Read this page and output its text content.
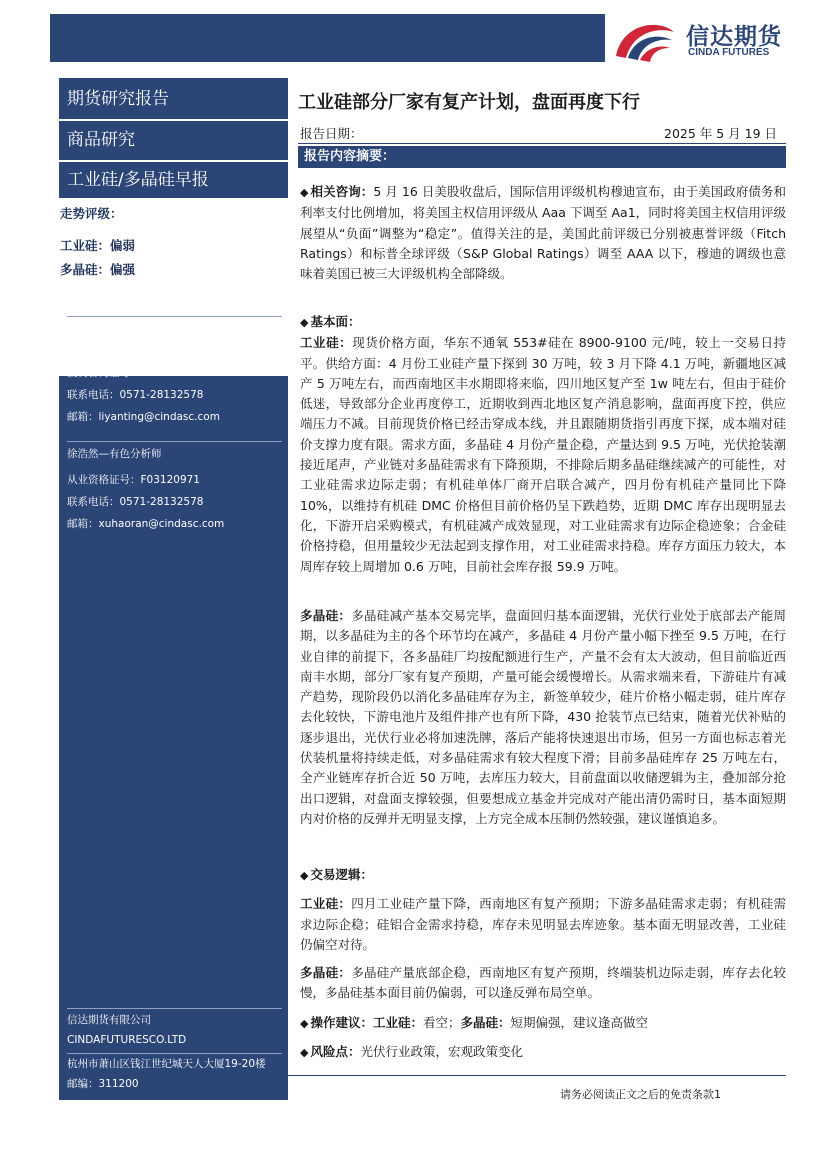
信达期货
CINDA FUTURES
期货研究报告
商品研究
工业硅/多晶硅早报
走势评级：
工业硅：偏弱
多晶硅：偏强
李艳婷—有色分析师
从业资格证号：F03091846
投资咨询证号：Z0020513
联系电话：0571-28132578
邮箱：liyanting@cindasc.com
徐浩然—有色分析师
从业资格证号：F03120971
联系电话：0571-28132578
邮箱：xuhaoran@cindasc.com
信达期货有限公司
CINDAFUTURESCO.LTD
杭州市萧山区钱江世纪城天人大厦19-20楼
邮编：311200
工业硅部分厂家有复产计划，盘面再度下行
报告日期：	2025 年 5 月 19 日
报告内容摘要：

◆ 相关咨询：5 月 16 日美股收盘后，国际信用评级机构穆迪宣布，由于美国政府债务和利率支付比例增加，将美国主权信用评级从 Aaa 下调至 Aa1，同时将美国主权信用评级展望从“负面”调整为“稳定”。值得关注的是，美国此前评级已分别被惠誉评级（Fitch Ratings）和标普全球评级（S&P Global Ratings）调至 AAA 以下，穆迪的调级也意味着美国已被三大评级机构全部降级。

◆ 基本面：

工业硅：现货价格方面，华东不通氧 553#硅在 8900-9100 元/吨，较上一交易日持平。供给方面：4 月份工业硅产量下探到 30 万吨，较 3 月下降 4.1 万吨，新疆地区减产 5 万吨左右，而西南地区丰水期即将来临，四川地区复产至 1w 吨左右，但由于硅价低迷，导致部分企业再度停工，近期收到西北地区复产消息影响，盘面再度下控，供应端压力不减。目前现货价格已经击穿成本线，并且跟随期货指引再度下探，成本端对硅价支撑力度有限。需求方面，多晶硅 4 月份产量企稳，产量达到 9.5 万吨，光伏抢装潮接近尾声，产业链对多晶硅需求有下降预期，不排除后期多晶硅继续减产的可能性，对工业硅需求边际走弱；有机硅单体厂商开启联合减产，四月份有机硅产量同比下降 10%，以维持有机硅 DMC 价格但目前价格仍呈下跌趋势，近期 DMC 库存出现明显去化，下游开启采购模式，有机硅减产成效显现，对工业硅需求有边际企稳迹象；合金硅价格持稳，但用量较少无法起到支撑作用，对工业硅需求持稳。库存方面压力较大，本周库存较上周增加 0.6 万吨，目前社会库存报 59.9 万吨。

多晶硅：多晶硅减产基本交易完毕，盘面回归基本面逻辑，光伏行业处于底部去产能周期，以多晶硅为主的各个环节均在减产，多晶硅 4 月份产量小幅下挫至 9.5 万吨，在行业自律的前提下，各多晶硅厂均按配额进行生产，产量不会有太大波动，但目前临近西南丰水期，部分厂家有复产预期，产量可能会缓慢增长。从需求端来看，下游硅片有减产趋势，现阶段仍以消化多晶硅库存为主，新签单较少，硅片价格小幅走弱，硅片库存去化较快，下游电池片及组件排产也有所下降，430 抢装节点已结束，随着光伏补贴的逐步退出，光伏行业必将加速洗牌，落后产能将快速退出市场，但另一方面也标志着光伏装机量将持续走低，对多晶硅需求有较大程度下滑；目前多晶硅库存 25 万吨左右，全产业链库存折合近 50 万吨，去库压力较大，目前盘面以收储逻辑为主，叠加部分抢出口逻辑，对盘面支撑较强，但要想成立基金并完成对产能出清仍需时日，基本面短期内对价格的反弹并无明显支撑，上方完全成本压制仍然较强，建议谨慎追多。

◆ 交易逻辑：

工业硅：四月工业硅产量下降，西南地区有复产预期；下游多晶硅需求走弱；有机硅需求边际企稳；硅铝合金需求持稳，库存未见明显去库迹象。基本面无明显改善，工业硅仍偏空对待。

多晶硅：多晶硅产量底部企稳，西南地区有复产预期，终端装机边际走弱，库存去化较慢，多晶硅基本面目前仍偏弱，可以逢反弹布局空单。

◆ 操作建议：工业硅：看空；多晶硅：短期偏强，建议逢高做空

◆ 风险点：光伏行业政策，宏观政策变化

请务必阅读正文之后的免责条款1
